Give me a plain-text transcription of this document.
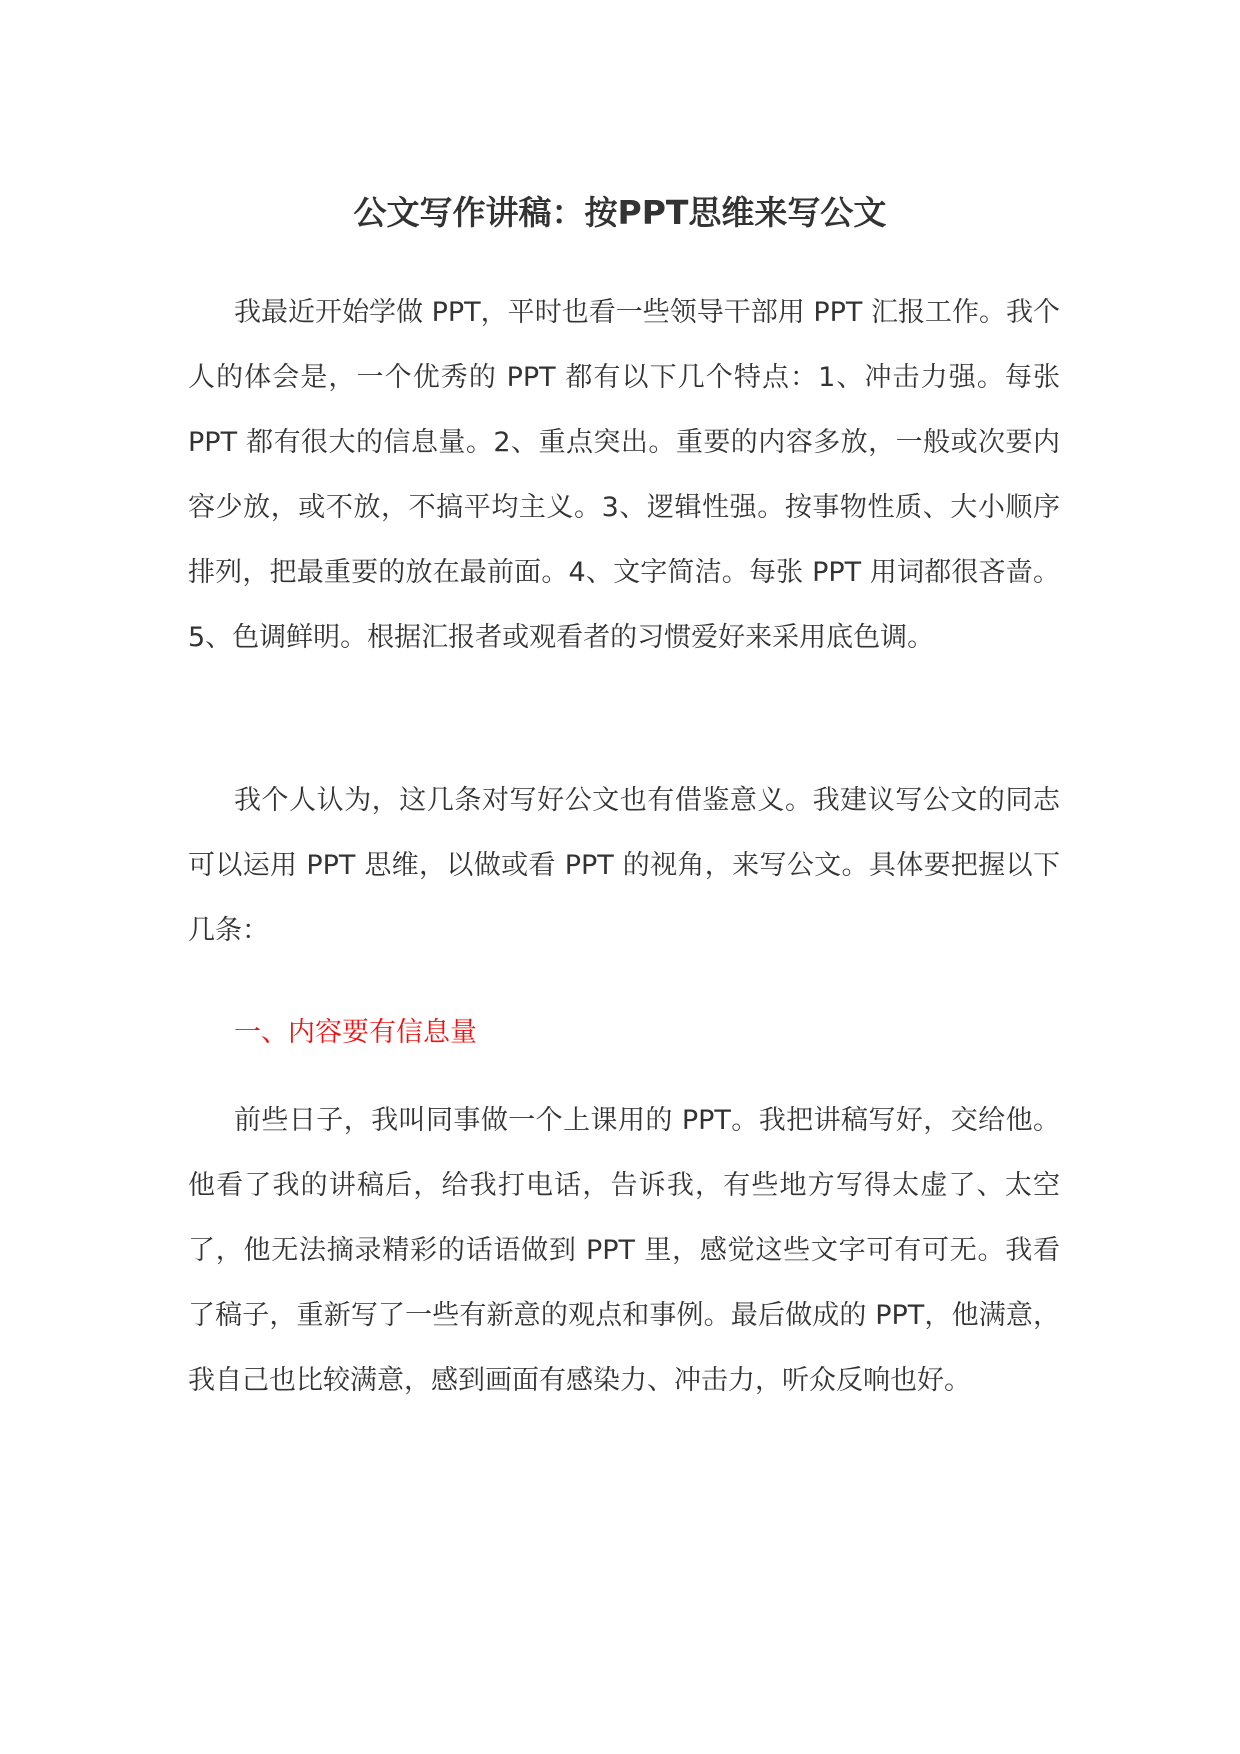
公文写作讲稿：按PPT思维来写公文

我最近开始学做 PPT，平时也看一些领导干部用 PPT 汇报工作。我个人的体会是，一个优秀的 PPT 都有以下几个特点：1、冲击力强。每张 PPT 都有很大的信息量。2、重点突出。重要的内容多放，一般或次要内容少放，或不放，不搞平均主义。3、逻辑性强。按事物性质、大小顺序排列，把最重要的放在最前面。4、文字简洁。每张 PPT 用词都很吝啬。5、色调鲜明。根据汇报者或观看者的习惯爱好来采用底色调。

我个人认为，这几条对写好公文也有借鉴意义。我建议写公文的同志可以运用 PPT 思维，以做或看 PPT 的视角，来写公文。具体要把握以下几条：

一、内容要有信息量

前些日子，我叫同事做一个上课用的 PPT。我把讲稿写好，交给他。他看了我的讲稿后，给我打电话，告诉我，有些地方写得太虚了、太空了，他无法摘录精彩的话语做到 PPT 里，感觉这些文字可有可无。我看了稿子，重新写了一些有新意的观点和事例。最后做成的 PPT，他满意，我自己也比较满意，感到画面有感染力、冲击力，听众反响也好。
